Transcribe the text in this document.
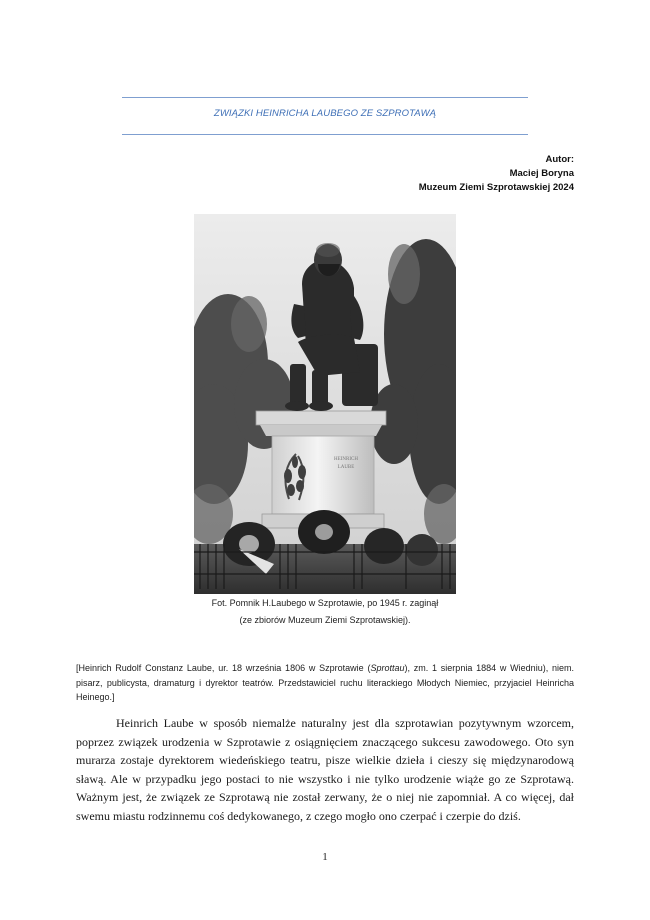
ZWIĄZKI HEINRICHA LAUBEGO ZE SZPROTAWĄ
Autor:
Maciej Boryna
Muzeum Ziemi Szprotawskiej 2024
HEINRICH
LAUBE
Fot. Pomnik H.Laubego w Szprotawie, po 1945 r. zaginął
(ze zbiorów Muzeum Ziemi Szprotawskiej).
[Heinrich Rudolf Constanz Laube, ur. 18 września 1806 w Szprotawie (Sprottau), zm. 1 sierpnia 1884 w Wiedniu), niem. pisarz, publicysta, dramaturg i dyrektor teatrów. Przedstawiciel ruchu literackiego Młodych Niemiec, przyjaciel Heinricha Heinego.]
Heinrich Laube w sposób niemalże naturalny jest dla szprotawian pozytywnym wzorcem, poprzez związek urodzenia w Szprotawie z osiągnięciem znaczącego sukcesu zawodowego. Oto syn murarza zostaje dyrektorem wiedeńskiego teatru, pisze wielkie dzieła i cieszy się międzynarodową sławą. Ale w przypadku jego postaci to nie wszystko i nie tylko urodzenie wiąże go ze Szprotawą. Ważnym jest, że związek ze Szprotawą nie został zerwany, że o niej nie zapomniał. A co więcej, dał swemu miastu rodzinnemu coś dedykowanego, z czego mogło ono czerpać i czerpie do dziś.
1
